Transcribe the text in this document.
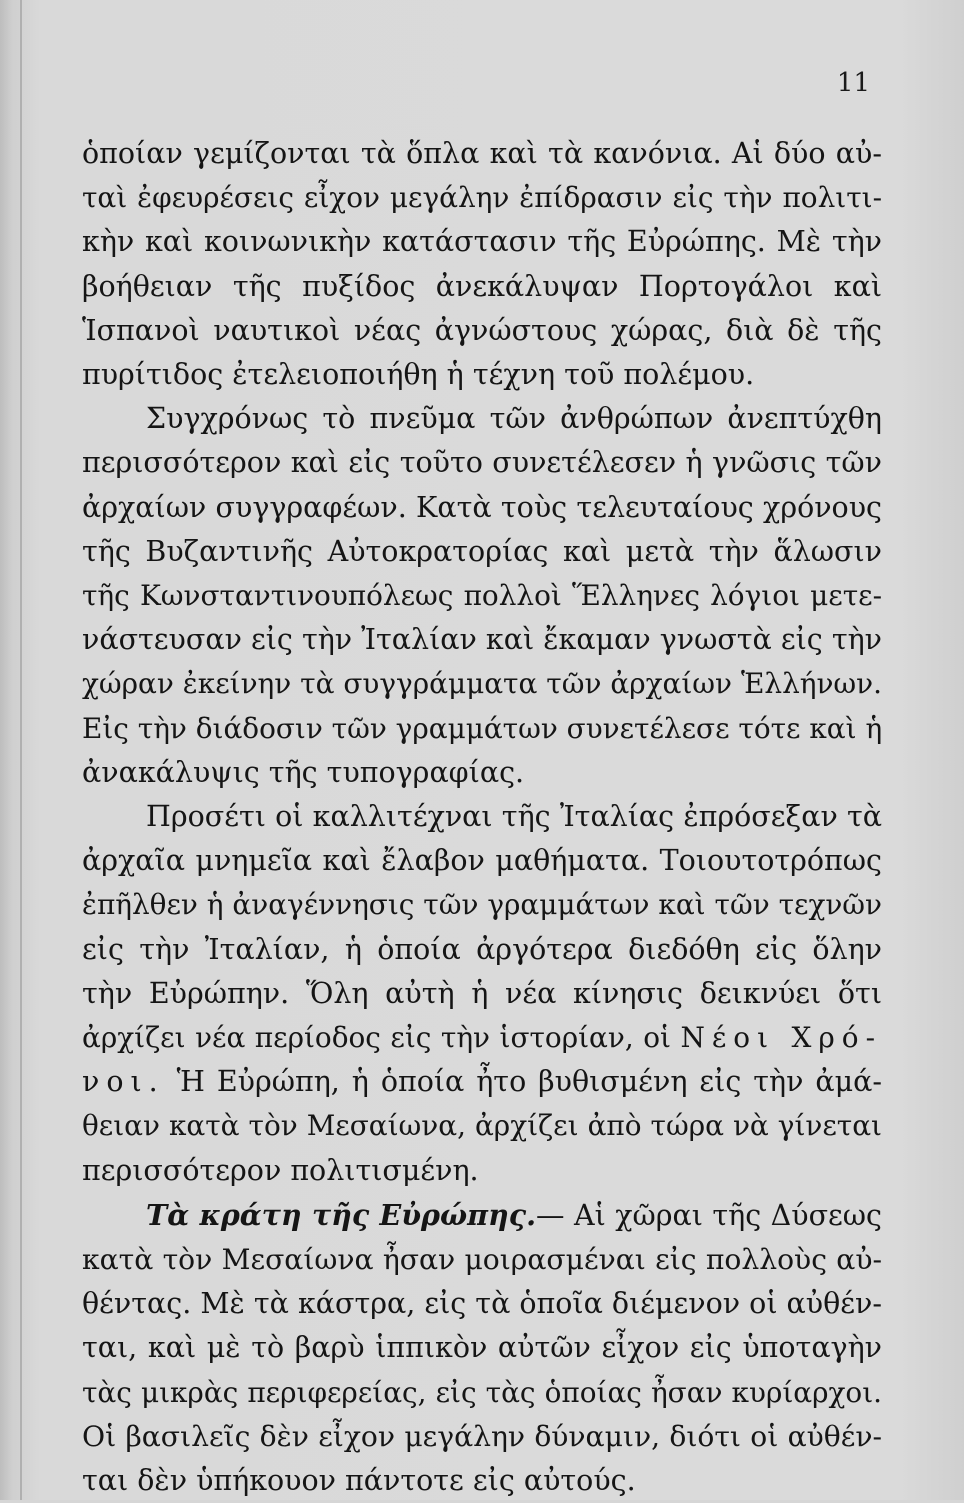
11
ὁποίαν γεμίζονται τὰ ὅπλα καὶ τὰ κανόνια. Αἱ δύο αὐ-
ταὶ ἐφευρέσεις εἶχον μεγάλην ἐπίδρασιν εἰς τὴν πολιτι-
κὴν καὶ κοινωνικὴν κατάστασιν τῆς Εὐρώπης. Μὲ τὴν
βοήθειαν τῆς πυξίδος ἀνεκάλυψαν Πορτογάλοι καὶ
Ἱσπανοὶ ναυτικοὶ νέας ἀγνώστους χώρας, διὰ δὲ τῆς
πυρίτιδος ἐτελειοποιήθη ἡ τέχνη τοῦ πολέμου.
Συγχρόνως τὸ πνεῦμα τῶν ἀνθρώπων ἀνεπτύχθη
περισσότερον καὶ εἰς τοῦτο συνετέλεσεν ἡ γνῶσις τῶν
ἀρχαίων συγγραφέων. Κατὰ τοὺς τελευταίους χρόνους
τῆς Βυζαντινῆς Αὐτοκρατορίας καὶ μετὰ τὴν ἅλωσιν
τῆς Κωνσταντινουπόλεως πολλοὶ Ἕλληνες λόγιοι μετε-
νάστευσαν εἰς τὴν Ἰταλίαν καὶ ἔκαμαν γνωστὰ εἰς τὴν
χώραν ἐκείνην τὰ συγγράμματα τῶν ἀρχαίων Ἑλλήνων.
Εἰς τὴν διάδοσιν τῶν γραμμάτων συνετέλεσε τότε καὶ ἡ
ἀνακάλυψις τῆς τυπογραφίας.
Προσέτι οἱ καλλιτέχναι τῆς Ἰταλίας ἐπρόσεξαν τὰ
ἀρχαῖα μνημεῖα καὶ ἔλαβον μαθήματα. Τοιουτοτρόπως
ἐπῆλθεν ἡ ἀναγέννησις τῶν γραμμάτων καὶ τῶν τεχνῶν
εἰς τὴν Ἰταλίαν, ἡ ὁποία ἀργότερα διεδόθη εἰς ὅλην
τὴν Εὐρώπην. Ὅλη αὐτὴ ἡ νέα κίνησις δεικνύει ὅτι
ἀρχίζει νέα περίοδος εἰς τὴν ἱστορίαν, οἱ Νέοι Χρό-
νοι. Ἡ Εὐρώπη, ἡ ὁποία ἦτο βυθισμένη εἰς τὴν ἀμά-
θειαν κατὰ τὸν Μεσαίωνα, ἀρχίζει ἀπὸ τώρα νὰ γίνεται
περισσότερον πολιτισμένη.
Τὰ κράτη τῆς Εὐρώπης.— Αἱ χῶραι τῆς Δύσεως
κατὰ τὸν Μεσαίωνα ἦσαν μοιρασμέναι εἰς πολλοὺς αὐ-
θέντας. Μὲ τὰ κάστρα, εἰς τὰ ὁποῖα διέμενον οἱ αὐθέν-
ται, καὶ μὲ τὸ βαρὺ ἱππικὸν αὐτῶν εἶχον εἰς ὑποταγὴν
τὰς μικρὰς περιφερείας, εἰς τὰς ὁποίας ἦσαν κυρίαρχοι.
Οἱ βασιλεῖς δὲν εἶχον μεγάλην δύναμιν, διότι οἱ αὐθέν-
ται δὲν ὑπήκουον πάντοτε εἰς αὐτούς.
